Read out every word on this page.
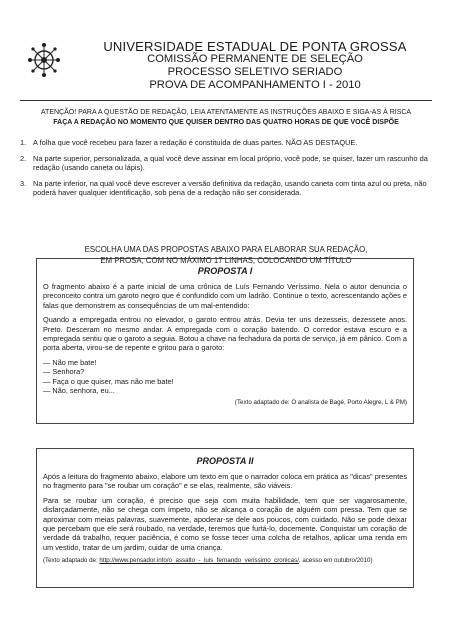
UNIVERSIDADE ESTADUAL DE PONTA GROSSA
COMISSÃO PERMANENTE DE SELEÇÃO
PROCESSO SELETIVO SERIADO
PROVA DE ACOMPANHAMENTO I - 2010
ATENÇÃO! PARA A QUESTÃO DE REDAÇÃO, LEIA ATENTAMENTE AS INSTRUÇÕES ABAIXO E SIGA-AS À RISCA
FAÇA A REDAÇÃO NO MOMENTO QUE QUISER DENTRO DAS QUATRO HORAS DE QUE VOCÊ DISPÕE
1. A folha que você recebeu para fazer a redação é constituída de duas partes. NÃO AS DESTAQUE.
2. Na parte superior, personalizada, a qual você deve assinar em local próprio, você pode, se quiser, fazer um rascunho da redação (usando caneta ou lápis).
3. Na parte inferior, na qual você deve escrever a versão definitiva da redação, usando caneta com tinta azul ou preta, não poderá haver qualquer identificação, sob pena de a redação não ser considerada.
ESCOLHA UMA DAS PROPOSTAS ABAIXO PARA ELABORAR SUA REDAÇÃO,
EM PROSA, COM NO MÁXIMO 17 LINHAS, COLOCANDO UM TÍTULO
PROPOSTA I

O fragmento abaixo é a parte inicial de uma crônica de Luís Fernando Veríssimo. Nela o autor denuncia o preconceito contra um garoto negro que é confundido com um ladrão. Continue o texto, acrescentando ações e falas que demonstrem as consequências de um mal-entendido:

Quando a empregada entrou no elevador, o garoto entrou atrás. Devia ter uns dezesseis, dezessete anos. Preto. Desceram no mesmo andar. A empregada com o coração batendo. O corredor estava escuro e a empregada sentiu que o garoto a seguia. Botou a chave na fechadura da porta de serviço, já em pânico. Com a porta aberta, virou-se de repente e gritou para o garoto:

— Não me bate!
— Senhora?
— Faça o que quiser, mas não me bate!
— Não, senhora, eu...
(Texto adaptado de: O analista de Bagé, Porto Alegre, L & PM)
PROPOSTA II

Após a leitura do fragmento abaixo, elabore um texto em que o narrador coloca em prática as "dicas" presentes no fragmento para "se roubar um coração" e se elas, realmente, são viáveis.

Para se roubar um coração, é preciso que seja com muita habilidade, tem que ser vagarosamente, disfarçadamente, não se chega com ímpeto, não se alcança o coração de alguém com pressa. Tem que se aproximar com meias palavras, suavemente, apoderar-se dele aos poucos, com cuidado. Não se pode deixar que percebam que ele será roubado, na verdade, teremos que furtá-lo, docemente. Conquistar um coração de verdade dá trabalho, requer paciência, é como se fosse tecer uma colcha de retalhos, aplicar uma renda em um vestido, tratar de um jardim, cuidar de uma criança.

(Texto adaptado de: http://www.pensador.info/o_assalto_-_luis_fernando_verissimo_cronicas/, acesso em outubro/2010)
